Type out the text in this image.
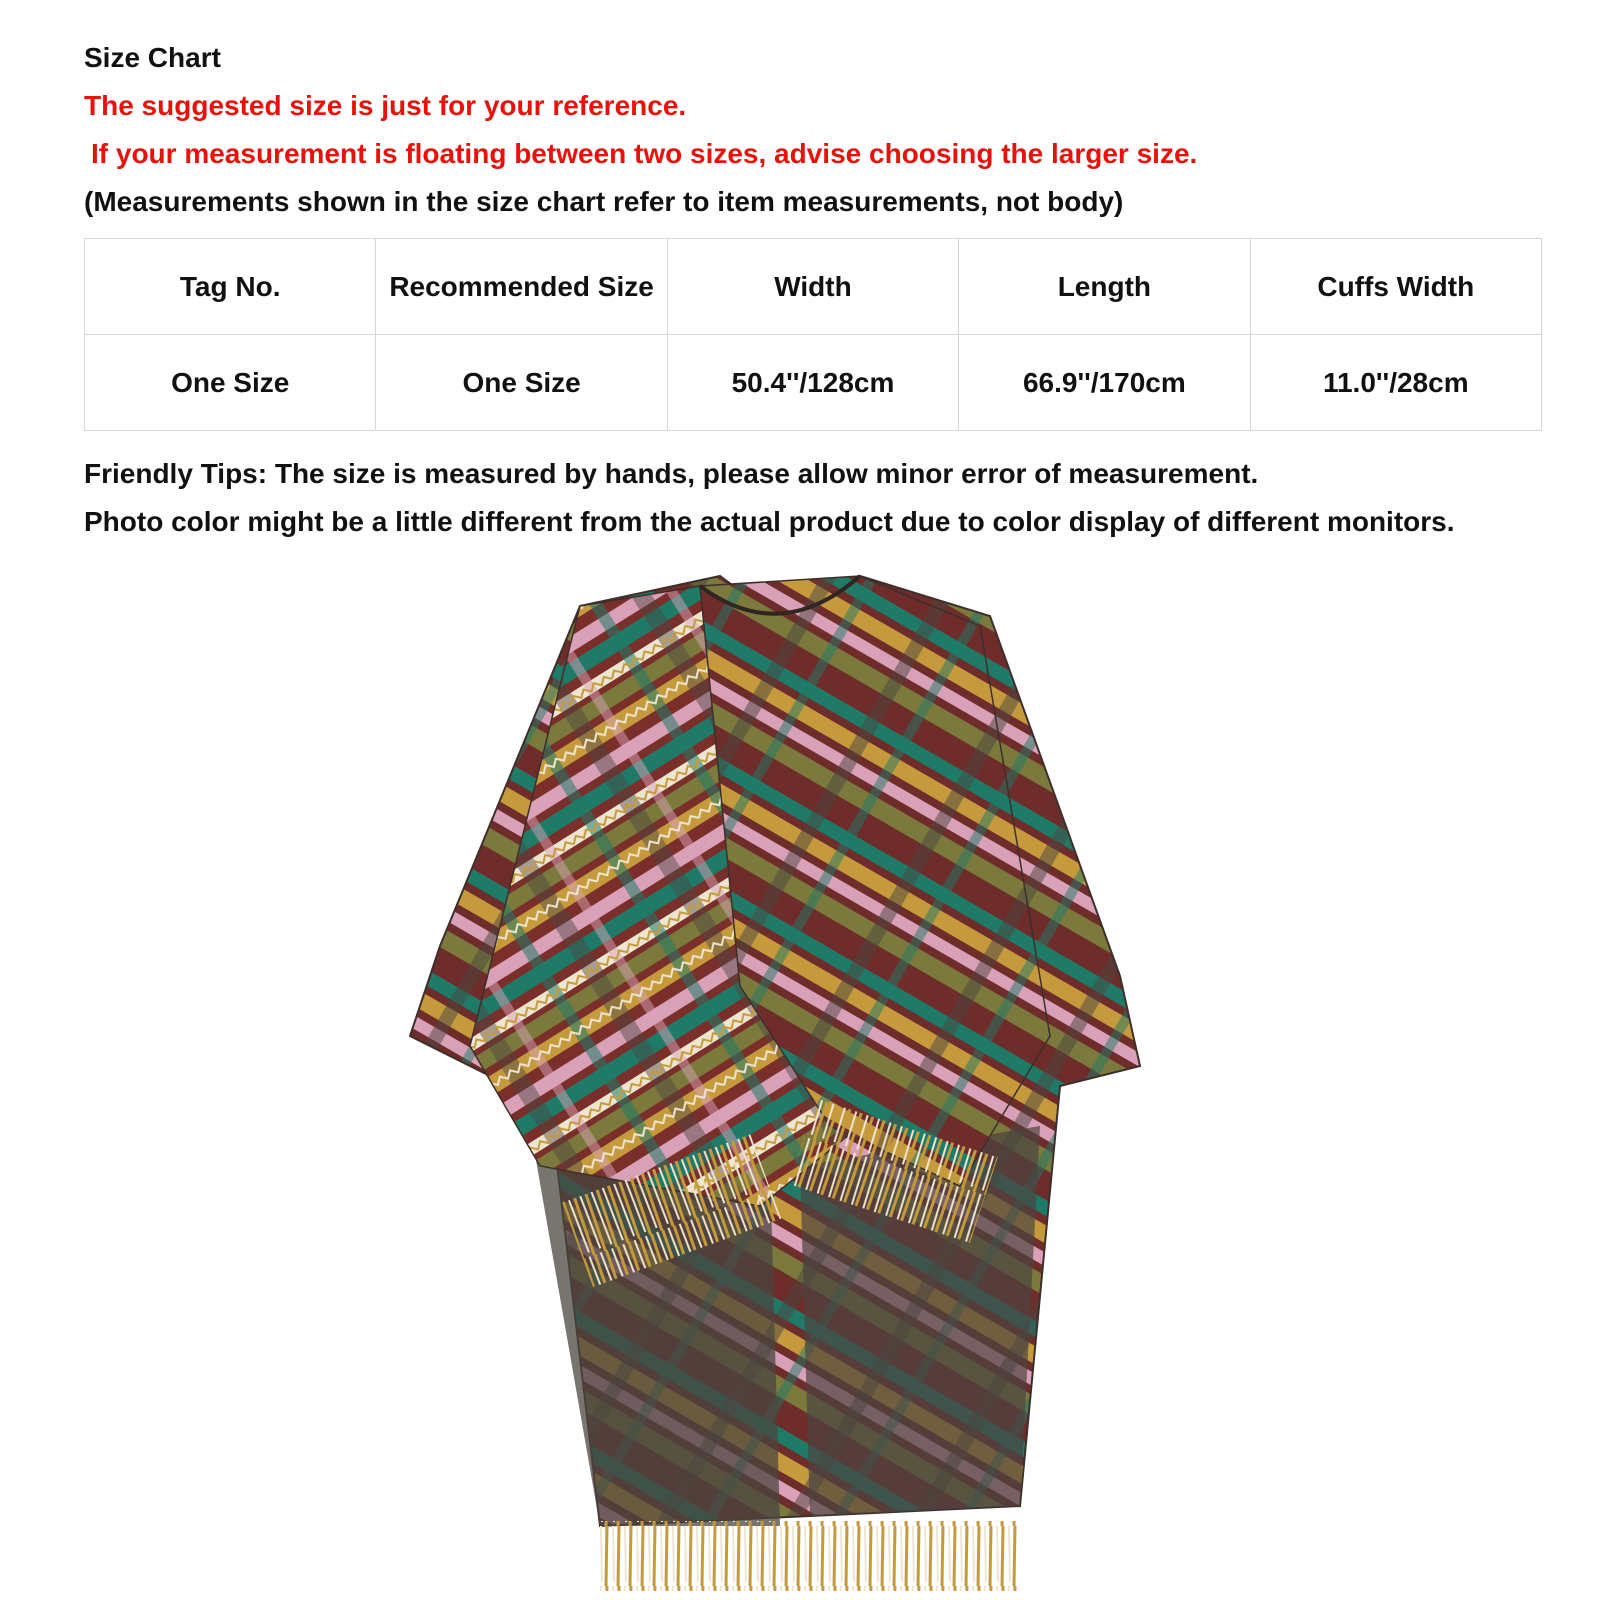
Size Chart
The suggested size is just for your reference.
If your measurement is floating between two sizes, advise choosing the larger size.
(Measurements shown in the size chart refer to item measurements, not body)
Tag No.	Recommended Size	Width	Length	Cuffs Width
One Size	One Size	50.4''/128cm	66.9''/170cm	11.0''/28cm
Friendly Tips: The size is measured by hands, please allow minor error of measurement.
Photo color might be a little different from the actual product due to color display of different monitors.
